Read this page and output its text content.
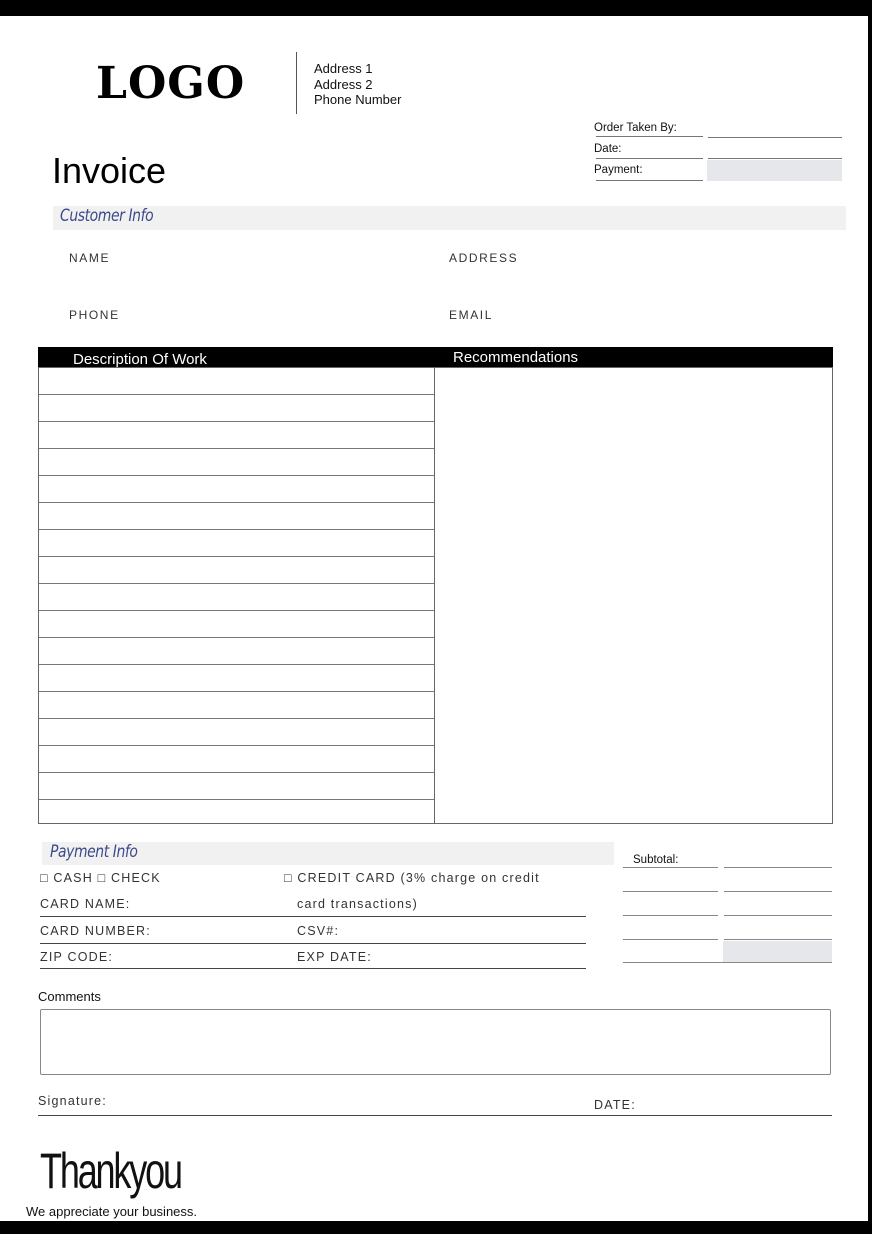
LOGO	Address 1
Address 2
Phone Number
Invoice
Order Taken By:
Date:
Payment:
Customer Info
NAME	ADDRESS
PHONE	EMAIL
Description Of Work	Recommendations
Payment Info
□ CASH □ CHECK	□ CREDIT CARD (3% charge on credit
card transactions)
CARD NAME:
CARD NUMBER:	CSV#:
ZIP CODE:	EXP DATE:
Subtotal:
Comments
Signature:	DATE:
Thankyou
We appreciate your business.
